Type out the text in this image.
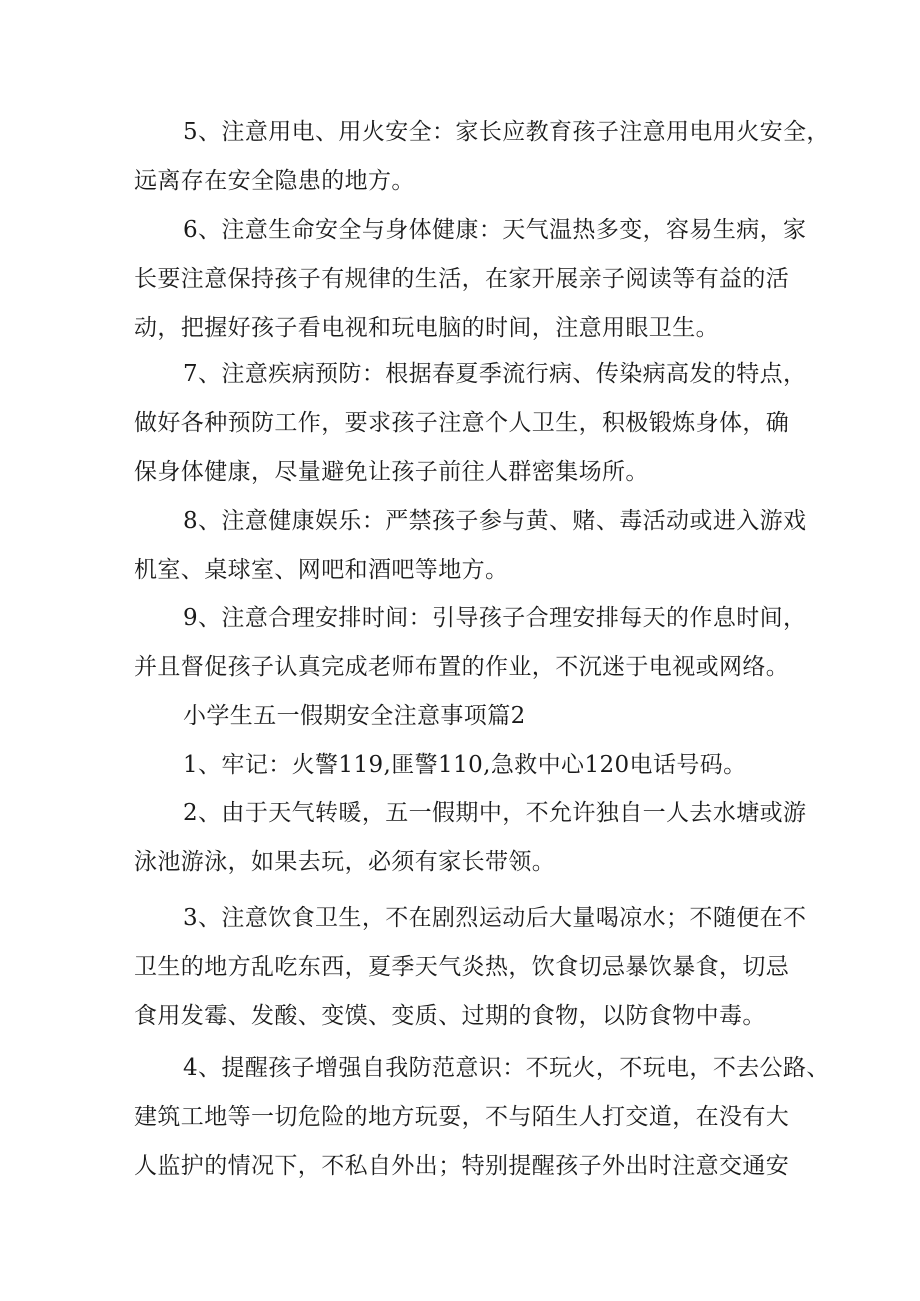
5、注意用电、用火安全：家长应教育孩子注意用电用火安全，
远离存在安全隐患的地方。
6、注意生命安全与身体健康：天气温热多变，容易生病，家
长要注意保持孩子有规律的生活，在家开展亲子阅读等有益的活
动，把握好孩子看电视和玩电脑的时间，注意用眼卫生。
7、注意疾病预防：根据春夏季流行病、传染病高发的特点，
做好各种预防工作，要求孩子注意个人卫生，积极锻炼身体，确
保身体健康，尽量避免让孩子前往人群密集场所。
8、注意健康娱乐：严禁孩子参与黄、赌、毒活动或进入游戏
机室、桌球室、网吧和酒吧等地方。
9、注意合理安排时间：引导孩子合理安排每天的作息时间，
并且督促孩子认真完成老师布置的作业，不沉迷于电视或网络。
小学生五一假期安全注意事项篇2
1、牢记：火警119,匪警110,急救中心120电话号码。
2、由于天气转暖，五一假期中，不允许独自一人去水塘或游
泳池游泳，如果去玩，必须有家长带领。
3、注意饮食卫生，不在剧烈运动后大量喝凉水；不随便在不
卫生的地方乱吃东西，夏季天气炎热，饮食切忌暴饮暴食，切忌
食用发霉、发酸、变馍、变质、过期的食物，以防食物中毒。
4、提醒孩子增强自我防范意识：不玩火，不玩电，不去公路、
建筑工地等一切危险的地方玩耍，不与陌生人打交道，在没有大
人监护的情况下，不私自外出；特别提醒孩子外出时注意交通安
